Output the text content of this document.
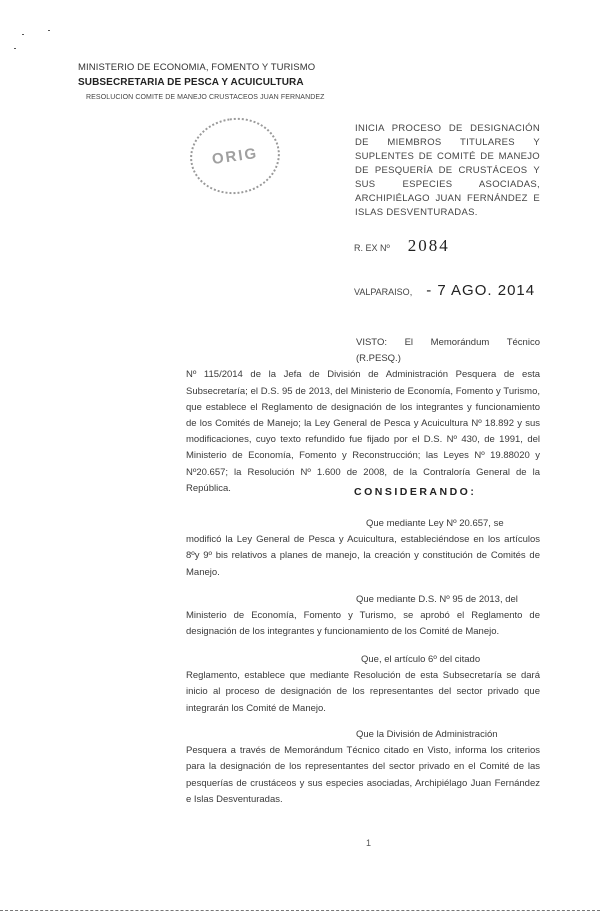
MINISTERIO DE ECONOMIA, FOMENTO Y TURISMO
SUBSECRETARIA DE PESCA Y ACUICULTURA
RESOLUCION COMITE DE MANEJO CRUSTACEOS JUAN FERNANDEZ
ORIG
INICIA PROCESO DE DESIGNACIÓN DE MIEMBROS TITULARES Y SUPLENTES DE COMITÉ DE MANEJO DE PESQUERÍA DE CRUSTÁCEOS Y SUS ESPECIES ASOCIADAS, ARCHIPIÉLAGO JUAN FERNÁNDEZ E ISLAS DESVENTURADAS.
R. EX Nº 2084
VALPARAISO, - 7 AGO. 2014
VISTO: El Memorándum Técnico (R.PESQ.)
Nº 115/2014 de la Jefa de División de Administración Pesquera de esta Subsecretaría; el D.S. 95 de 2013, del Ministerio de Economía, Fomento y Turismo, que establece el Reglamento de designación de los integrantes y funcionamiento de los Comités de Manejo; la Ley General de Pesca y Acuicultura Nº 18.892 y sus modificaciones, cuyo texto refundido fue fijado por el D.S. Nº 430, de 1991, del Ministerio de Economía, Fomento y Reconstrucción; las Leyes Nº 19.88020 y Nº20.657; la Resolución Nº 1.600 de 2008, de la Contraloría General de la República.	CONSIDERANDO:
Que mediante Ley Nº 20.657, se
modificó la Ley General de Pesca y Acuicultura, estableciéndose en los artículos 8ºy 9º bis relativos a planes de manejo, la creación y constitución de Comités de Manejo.
Que mediante D.S. Nº 95 de 2013, del
Ministerio de Economía, Fomento y Turismo, se aprobó el Reglamento de designación de los integrantes y funcionamiento de los Comité de Manejo.
Que, el artículo 6º del citado
Reglamento, establece que mediante Resolución de esta Subsecretaría se dará inicio al proceso de designación de los representantes del sector privado que integrarán los Comité de Manejo.
Que la División de Administración
Pesquera a través de Memorándum Técnico citado en Visto, informa los criterios para la designación de los representantes del sector privado en el Comité de las pesquerías de crustáceos y sus especies asociadas, Archipiélago Juan Fernández e Islas Desventuradas.
1
